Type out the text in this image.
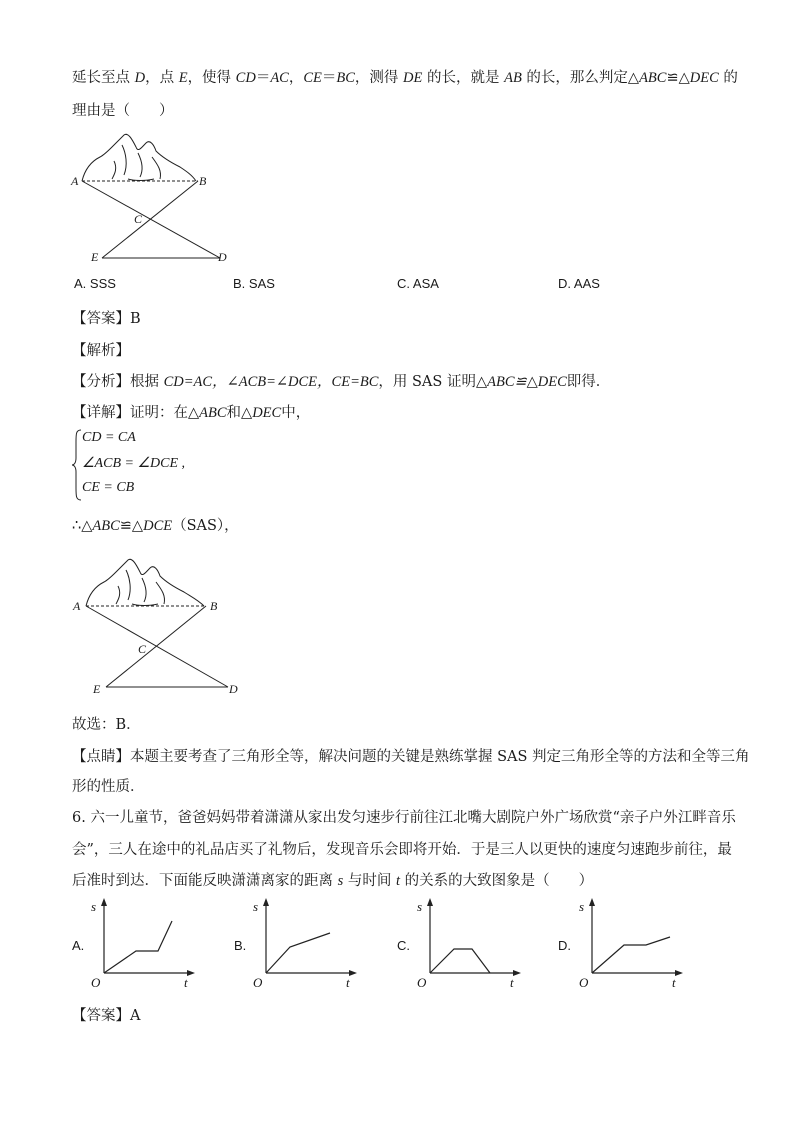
延长至点 D，点 E，使得 CD＝AC，CE＝BC，测得 DE 的长，就是 AB 的长，那么判定△ABC≌△DEC 的
理由是（　　）
A	B
C
E	D
A. SSS	B. SAS	C. ASA	D. AAS
【答案】B
【解析】
【分析】根据 CD=AC，∠ACB=∠DCE，CE=BC，用 SAS 证明△ABC≌△DEC即得．
【详解】证明：在△ABC和△DEC中，
CD = CA
∠ACB = ∠DCE ,
CE = CB
∴△ABC≌△DCE（SAS），
A	B
C
E	D
故选：B．
【点睛】本题主要考查了三角形全等，解决问题的关键是熟练掌握 SAS 判定三角形全等的方法和全等三角
形的性质．
6. 六一儿童节，爸爸妈妈带着潇潇从家出发匀速步行前往江北嘴大剧院户外广场欣赏“亲子户外江畔音乐
会”，三人在途中的礼品店买了礼物后，发现音乐会即将开始．于是三人以更快的速度匀速跑步前往，最
后准时到达．下面能反映潇潇离家的距离 s 与时间 t 的关系的大致图象是（　　）
A.
s
t
O
B.
s
t
O
C.
s
t
O
D.
s
t
O
【答案】A
